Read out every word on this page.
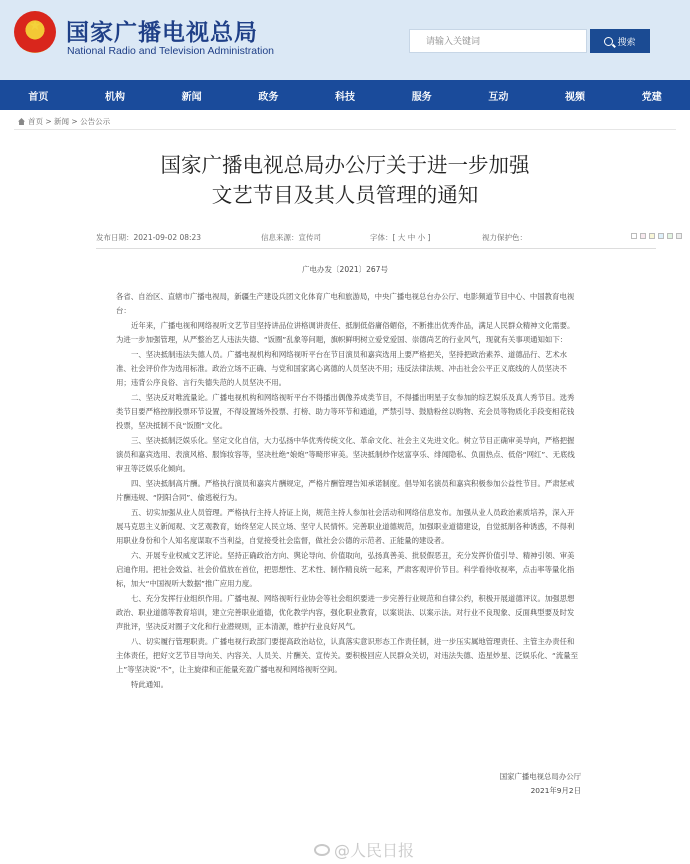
★	国家广播电视总局
National Radio and Television Administration
请输入关键词	搜索
首页	机构	新闻	政务	科技	服务	互动	视频	党建
首页 > 新闻 > 公告公示
国家广播电视总局办公厅关于进一步加强
文艺节目及其人员管理的通知
发布日期：2021-09-02 08:23	信息来源：宣传司	字体：[ 大 中 小 ]	视力保护色：
广电办发〔2021〕267号

各省、自治区、直辖市广播电视局，新疆生产建设兵团文化体育广电和旅游局，中央广播电视总台办公厅、电影频道节目中心、中国教育电视台：

近年来，广播电视和网络视听文艺节目坚持讲品位讲格调讲责任、抵制低俗庸俗媚俗，不断推出优秀作品，满足人民群众精神文化需要。为进一步加强管理，从严整治艺人违法失德、“饭圈”乱象等问题，旗帜鲜明树立爱党爱国、崇德尚艺的行业风气，现就有关事项通知如下：

一、坚决抵制违法失德人员。广播电视机构和网络视听平台在节目演员和嘉宾选用上要严格把关，坚持把政治素养、道德品行、艺术水准、社会评价作为选用标准。政治立场不正确、与党和国家离心离德的人员坚决不用；违反法律法规、冲击社会公平正义底线的人员坚决不用；违背公序良俗、言行失德失范的人员坚决不用。

二、坚决反对唯流量论。广播电视机构和网络视听平台不得播出偶像养成类节目，不得播出明星子女参加的综艺娱乐及真人秀节目。选秀类节目要严格控制投票环节设置，不得设置场外投票、打榜、助力等环节和通道，严禁引导、鼓励粉丝以购物、充会员等物质化手段变相花钱投票，坚决抵制不良“饭圈”文化。

三、坚决抵制泛娱乐化。坚定文化自信，大力弘扬中华优秀传统文化、革命文化、社会主义先进文化。树立节目正确审美导向，严格把握演员和嘉宾选用、表演风格、服饰妆容等，坚决杜绝“娘炮”等畸形审美。坚决抵制炒作炫富享乐、绯闻隐私、负面热点、低俗“网红”、无底线审丑等泛娱乐化倾向。

四、坚决抵制高片酬。严格执行演员和嘉宾片酬规定，严格片酬管理告知承诺制度。倡导知名演员和嘉宾积极参加公益性节目。严肃惩戒片酬违规、“阴阳合同”、偷逃税行为。

五、切实加强从业人员管理。严格执行主持人持证上岗，规范主持人参加社会活动和网络信息发布。加强从业人员政治素质培养，深入开展马克思主义新闻观、文艺观教育，始终坚定人民立场、坚守人民情怀。完善职业道德规范，加强职业道德建设，自觉抵制各种诱惑，不得利用职业身份和个人知名度谋取不当利益，自觉接受社会监督，做社会公德的示范者、正能量的建设者。

六、开展专业权威文艺评论。坚持正确政治方向、舆论导向、价值取向，弘扬真善美、批驳假恶丑，充分发挥价值引导、精神引领、审美启迪作用。把社会效益、社会价值放在首位，把思想性、艺术性、制作精良统一起来，严肃客观评价节目。科学看待收视率，点击率等量化指标，加大“中国视听大数据”推广应用力度。

七、充分发挥行业组织作用。广播电视、网络视听行业协会等社会组织要进一步完善行业规范和自律公约，积极开展道德评议。加强思想政治、职业道德等教育培训，建立完善职业道德，优化教学内容，强化职业教育，以案说法、以案示法。对行业不良现象、反面典型要及时发声批评，坚决反对圈子文化和行业潜规则，正本清源，维护行业良好风气。

八、切实履行管理职责。广播电视行政部门要提高政治站位，认真落实意识形态工作责任制，进一步压实属地管理责任、主管主办责任和主体责任，把好文艺节目导向关、内容关、人员关、片酬关、宣传关。要积极回应人民群众关切，对违法失德、造星炒星、泛娱乐化、“流量至上”等坚决说“不”，让主旋律和正能量充盈广播电视和网络视听空间。

特此通知。

国家广播电视总局办公厅
2021年9月2日
@人民日报
